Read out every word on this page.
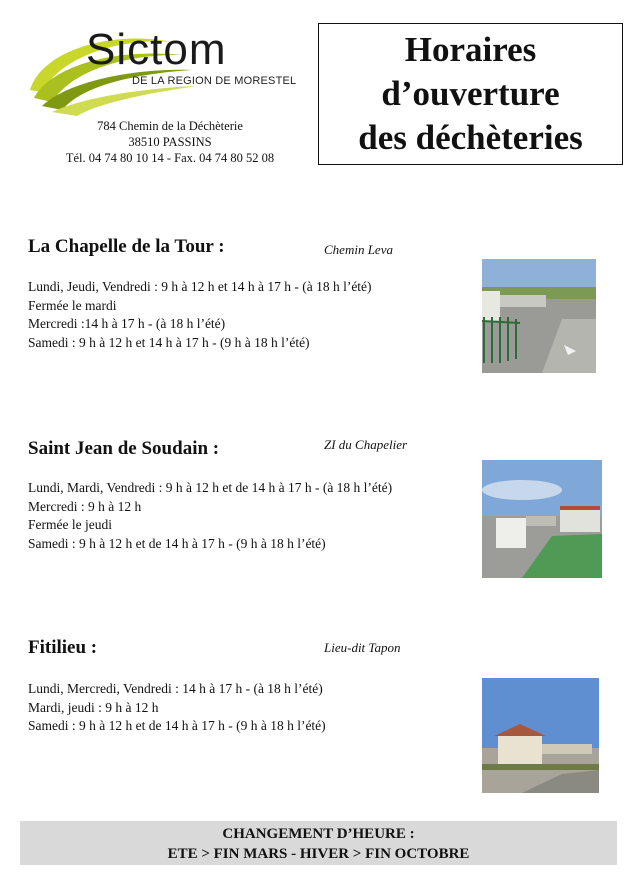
Sictom
DE LA REGION DE MORESTEL
784 Chemin de la Déchèterie
38510 PASSINS
Tél. 04 74 80 10 14 - Fax. 04 74 80 52 08
Horaires
d’ouverture
des déchèteries
La Chapelle de la Tour :	Chemin Leva
Lundi, Jeudi, Vendredi : 9 h à 12 h et 14 h à 17 h - (à 18 h l’été)
Fermée le mardi
Mercredi :14 h à 17 h - (à 18 h l’été)
Samedi : 9 h à 12 h et 14 h à 17 h - (9 h à 18 h l’été)
Saint Jean de Soudain :	ZI du Chapelier
Lundi, Mardi, Vendredi : 9 h à 12 h et de 14 h à 17 h - (à 18 h l’été)
Mercredi : 9 h à 12 h
Fermée le jeudi
Samedi : 9 h à 12 h et de 14 h à 17 h - (9 h à 18 h l’été)
Fitilieu :	Lieu-dit Tapon
Lundi, Mercredi, Vendredi : 14 h à 17 h - (à 18 h l’été)
Mardi, jeudi : 9 h à 12 h
Samedi : 9 h à 12 h et de 14 h à 17 h - (9 h à 18 h l’été)
CHANGEMENT D’HEURE :
ETE > FIN MARS - HIVER > FIN OCTOBRE
